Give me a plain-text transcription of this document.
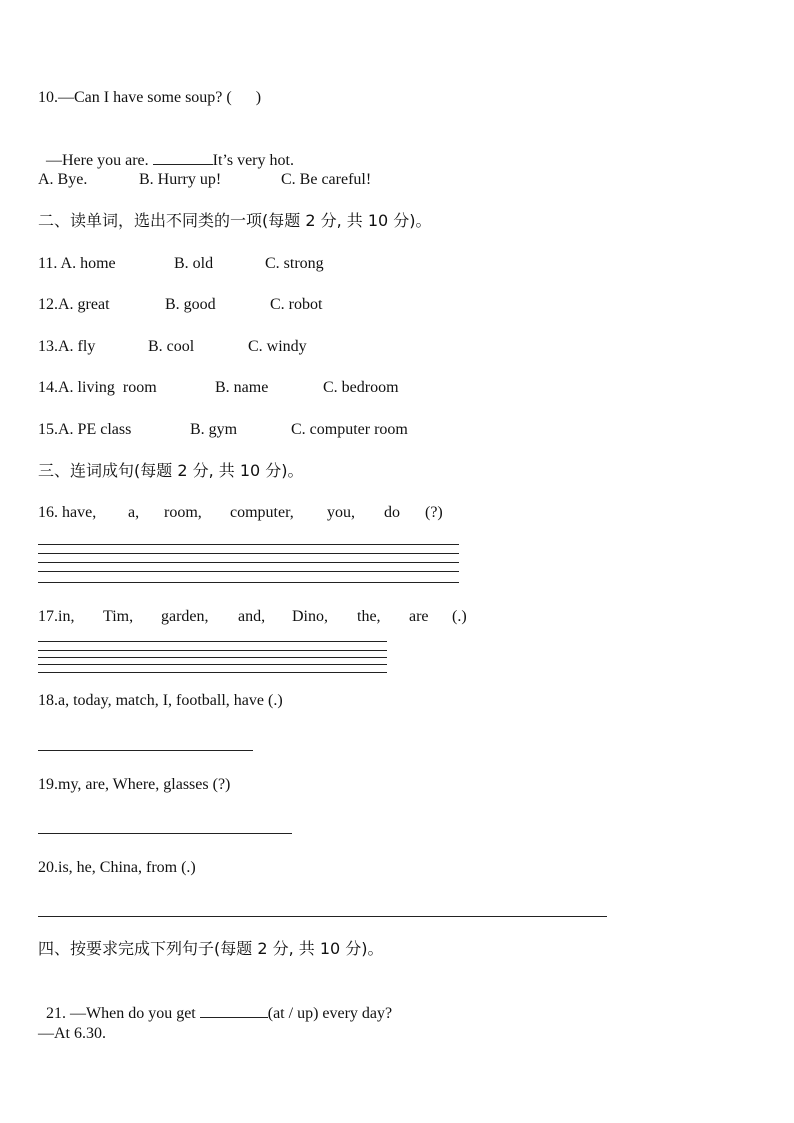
10.—Can I have some soup? (      )

—Here you are.	It’s very hot.

A. Bye.	B. Hurry up!	C. Be careful!
二、读单词，选出不同类的一项(每题 2 分, 共 10 分)。
11. A. home	B. old	C. strong
12.A. great	B. good	C. robot
13.A. fly	B. cool	C. windy
14.A. living  room	B. name	C. bedroom
15.A. PE class	B. gym	C. computer room
三、连词成句(每题 2 分, 共 10 分)。
16. have, a, room, computer, you, do (?)
17.in, Tim, garden, and, Dino, the, are (.)
18.a, today, match, I, football, have (.)
19.my, are, Where, glasses (?)
20.is, he, China, from (.)
四、按要求完成下列句子(每题 2 分, 共 10 分)。

21. —When do you get	(at / up) every day?

—At 6.30.
